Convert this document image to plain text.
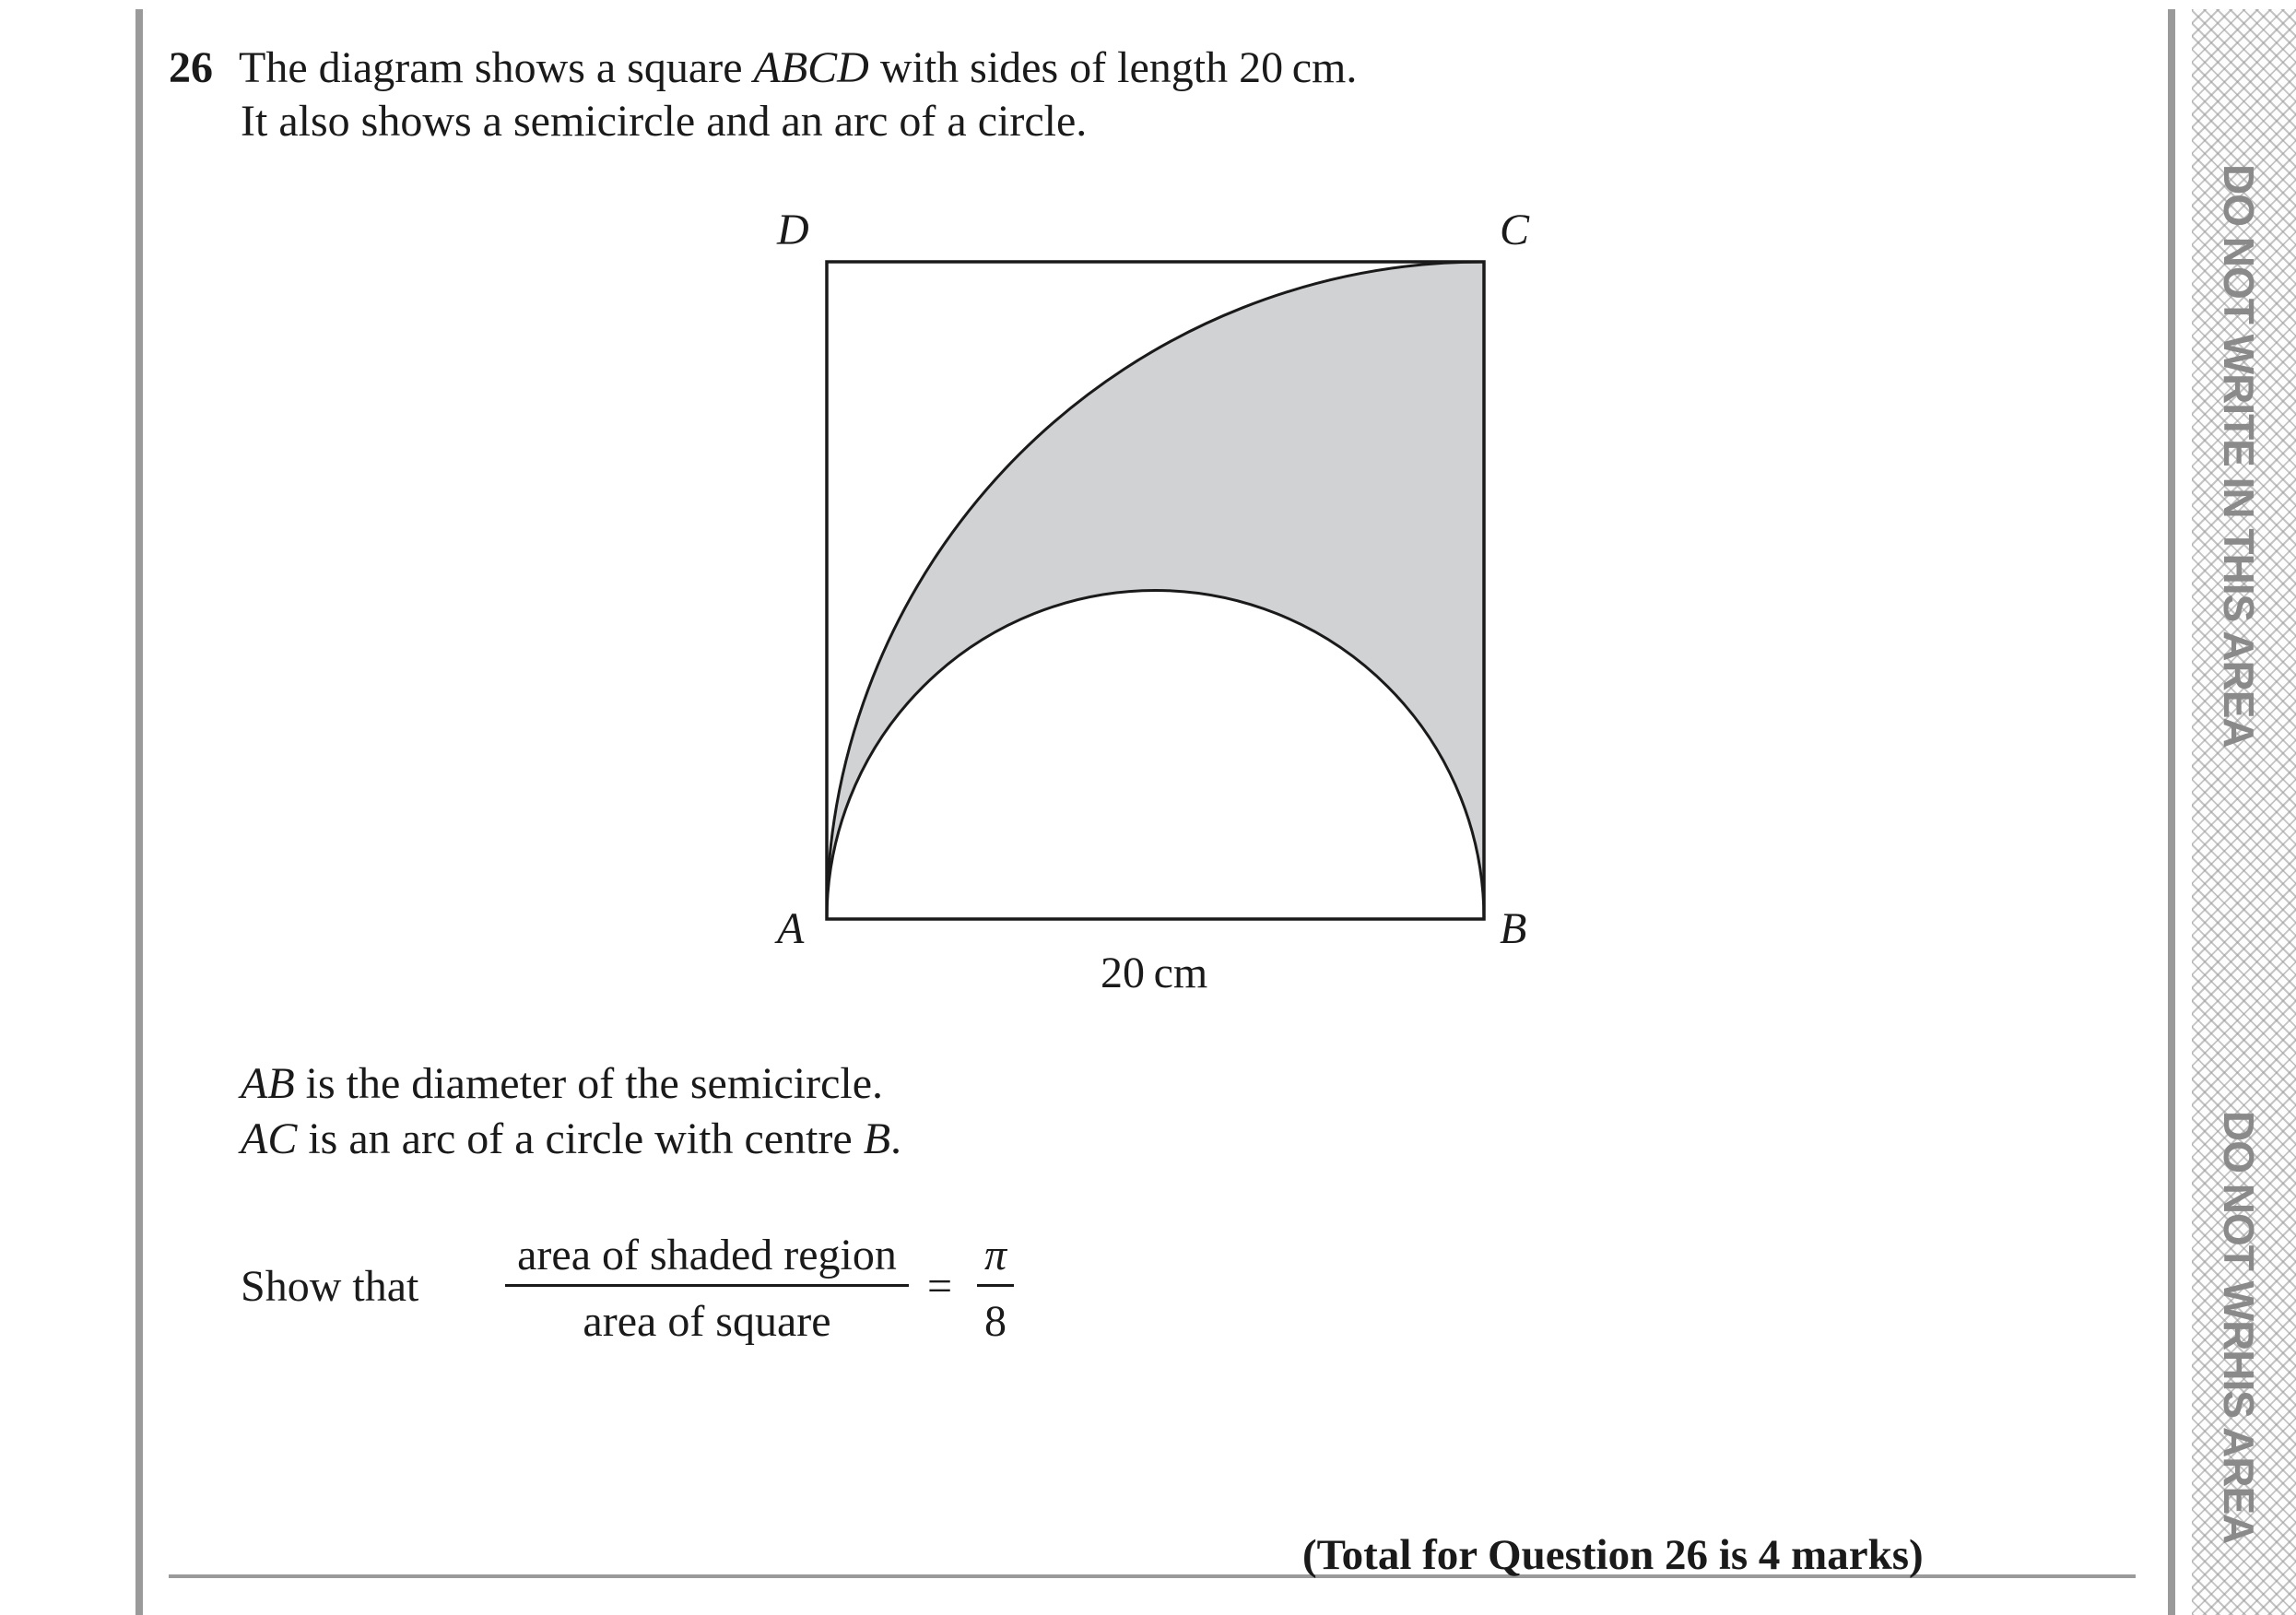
DO NOT WRITE IN THIS AREA
DO NOT WRHIS AREA
26 The diagram shows a square ABCD with sides of length 20 cm.
It also shows a semicircle and an arc of a circle.
D	C
A	B
20 cm
AB is the diameter of the semicircle.
AC is an arc of a circle with centre B.
Show that
area of shaded region
area of square
=
π
8
(Total for Question 26 is 4 marks)
